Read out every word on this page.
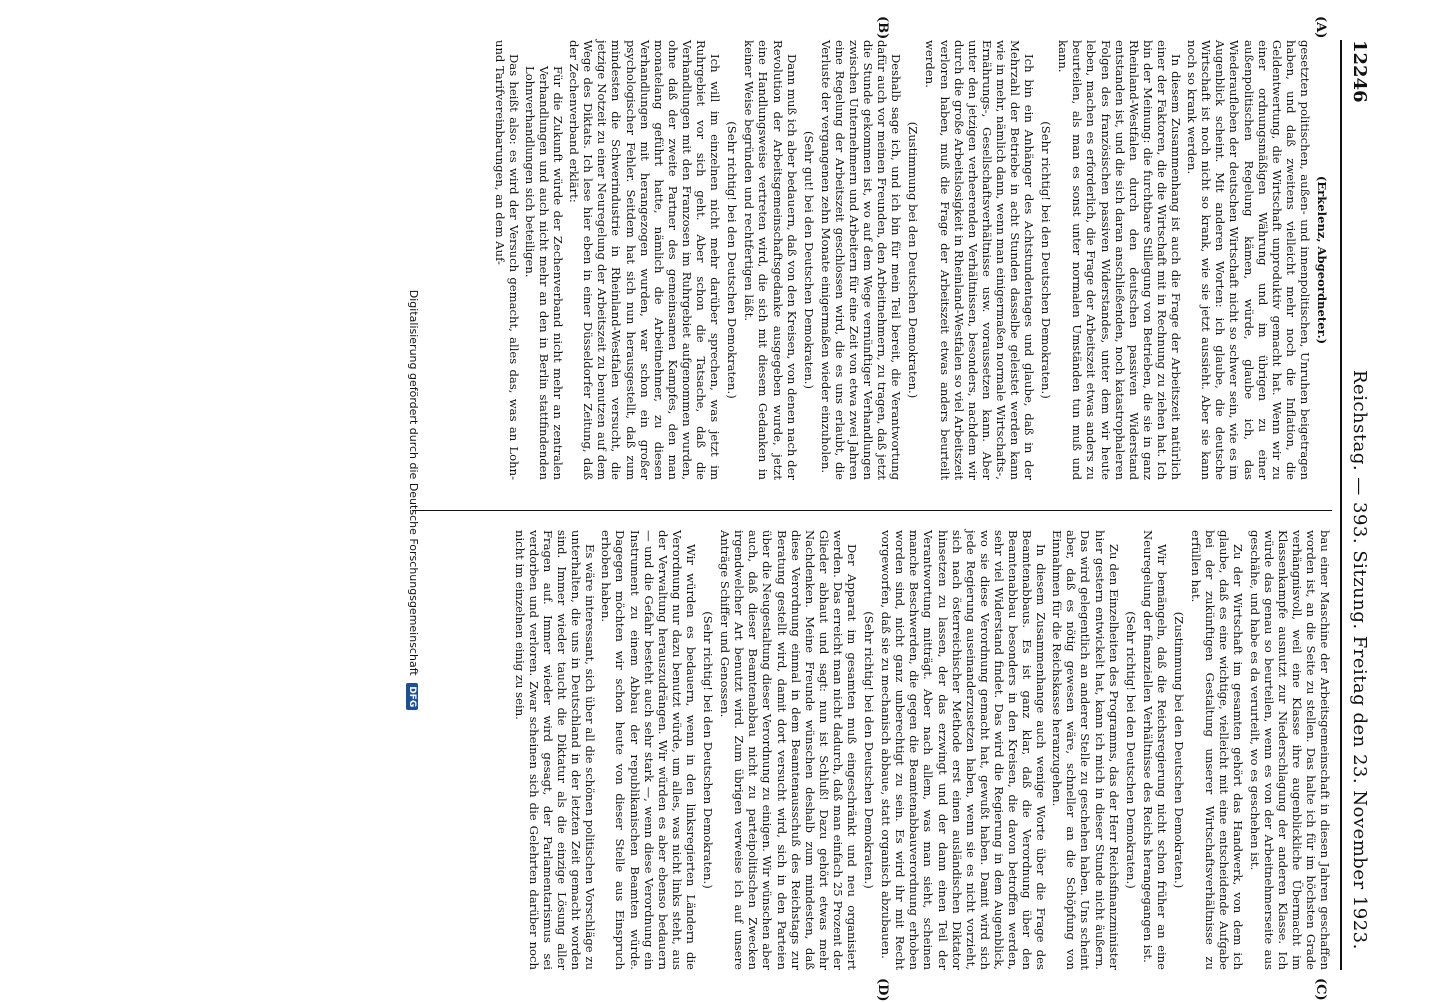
12246
Reichstag. — 393. Sitzung. Freitag den 23. November 1923.
(A)
(B)
(C)
(D)

(Erkelenz, Abgeordneter.)

gesetzten politischen, außen- und innenpolitischen, Unruhen beigetragen haben, und daß zweitens vielleicht mehr noch die Inflation, die Geldentwertung, die Wirtschaft unproduktiv gemacht hat. Wenn wir zu einer ordnungsmäßigen Währung und im übrigen zu einer außenpolitischen Regelung kämen, würde, glaube ich, das Wiederaufleben der deutschen Wirtschaft nicht so schwer sein, wie es im Augenblick scheint. Mit anderen Worten: ich glaube, die deutsche Wirtschaft ist noch nicht so krank, wie sie jetzt aussieht. Aber sie kann noch so krank werden.

In diesem Zusammenhang ist auch die Frage der Arbeitszeit natürlich einer der Faktoren, die die Wirtschaft mit in Rechnung zu ziehen hat. Ich bin der Meinung: die furchtbare Stillegung von Betrieben, die sie in ganz Rheinland-Westfalen durch den deutschen passiven Widerstand entstanden ist, und die sich daran anschließenden, noch katastrophaleren Folgen des französischen passiven Widerstandes, unter dem wir heute leben, machen es erforderlich, die Frage der Arbeitszeit etwas anders zu beurteilen, als man es sonst unter normalen Umständen tun muß und kann.

(Sehr richtig! bei den Deutschen Demokraten.)

Ich bin ein Anhänger des Achtstundentages und glaube, daß in der Mehrzahl der Betriebe in acht Stunden dasselbe geleistet werden kann wie in mehr, nämlich dann, wenn man einigermaßen normale Wirtschafts-, Ernährungs-, Gesellschaftsverhältnisse usw. voraussetzen kann. Aber unter den jetzigen verheerenden Verhältnissen, besonders, nachdem wir durch die große Arbeitslosigkeit in Rheinland-Westfalen so viel Arbeitszeit verloren haben, muß die Frage der Arbeitszeit etwas anders beurteilt werden.

(Zustimmung bei den Deutschen Demokraten.)

Deshalb sage ich, und ich bin für mein Teil bereit, die Verantwortung dafür auch vor meinen Freunden, den Arbeitnehmern, zu tragen, daß jetzt die Stunde gekommen ist, wo auf dem Wege vernünftiger Verhandlungen zwischen Unternehmern und Arbeitern für eine Zeit von etwa zwei Jahren eine Regelung der Arbeitszeit geschlossen wird, die es uns erlaubt, die Verluste der vergangenen zehn Monate einigermaßen wieder einzuholen.

(Sehr gut! bei den Deutschen Demokraten.)

Dann muß ich aber bedauern, daß von den Kreisen, von denen nach der Revolution der Arbeitsgemeinschaftsgedanke ausgegeben wurde, jetzt eine Handlungsweise vertreten wird, die sich mit diesem Gedanken in keiner Weise begründen und rechtfertigen läßt.

(Sehr richtig! bei den Deutschen Demokraten.)

Ich will im einzelnen nicht mehr darüber sprechen, was jetzt im Ruhrgebiet vor sich geht. Aber schon die Tatsache, daß die Verhandlungen mit den Franzosen im Ruhrgebiet aufgenommen wurden, ohne daß der zweite Partner des gemeinsamen Kampfes, den man monatelang geführt hatte, nämlich die Arbeitnehmer, zu diesen Verhandlungen mit herangezogen wurden, war schon ein großer psychologischer Fehler. Seitdem hat sich nun herausgestellt, daß zum mindesten die Schwerindustrie in Rheinland-Westfalen versucht, die jetzige Notzeit zu einer Neuregelung der Arbeitszeit zu benutzen auf dem Wege des Diktats. Ich lese hier eben in einer Düsseldorfer Zeitung, daß der Zechenverband erklärt:

Für die Zukunft würde der Zechenverband nicht mehr an zentralen Verhandlungen und auch nicht mehr an den in Berlin stattfindenden Lohnverhandlungen sich beteiligen.

Das heißt also: es wird der Versuch gemacht, alles das, was an Lohn- und Tarifvereinbarungen, an dem Auf-

bau einer Maschine der Arbeitsgemeinschaft in diesen Jahren geschaffen worden ist, an die Seite zu stellen. Das halte ich für im höchsten Grade verhängnisvoll, weil eine Klasse ihre augenblickliche Übermacht im Klassenkampfe ausnutzt zur Niederschlagung der anderen Klasse. Ich würde das genau so beurteilen, wenn es von der Arbeitnehmerseite aus geschähe, und habe es da verurteilt, wo es geschehen ist.

Zu der Wirtschaft im gesamten gehört das Handwerk, von dem ich glaube, daß es eine wichtige, vielleicht mit eine entscheidende Aufgabe bei der zukünftigen Gestaltung unserer Wirtschaftsverhältnisse zu erfüllen hat.

(Zustimmung bei den Deutschen Demokraten.)

Wir bemängeln, daß die Reichsregierung nicht schon früher an eine Neuregelung der finanziellen Verhältnisse des Reichs herangegangen ist.

(Sehr richtig! bei den Deutschen Demokraten.)

Zu den Einzelheiten des Programms, das der Herr Reichsfinanzminister hier gestern entwickelt hat, kann ich mich in dieser Stunde nicht äußern. Das wird gelegentlich an anderer Stelle zu geschehen haben. Uns scheint aber, daß es nötig gewesen wäre, schneller an die Schöpfung von Einnahmen für die Reichskasse heranzugehen.

In diesem Zusammenhange auch wenige Worte über die Frage des Beamtenabbaus. Es ist ganz klar, daß die Verordnung über den Beamtenabbau besonders in den Kreisen, die davon betroffen werden, sehr viel Widerstand findet. Das wird die Regierung in dem Augenblick, wo sie diese Verordnung gemacht hat, gewußt haben. Damit wird sich jede Regierung auseinanderzusetzen haben, wenn sie es nicht vorzieht, sich nach österreichischer Methode erst einen ausländischen Diktator hinsetzen zu lassen, der das erzwingt und der dann einen Teil der Verantwortung mitträgt. Aber nach allem, was man sieht, scheinen manche Beschwerden, die gegen die Beamtenabbauverordnung erhoben worden sind, nicht ganz unberechtigt zu sein. Es wird ihr mit Recht vorgeworfen, daß sie zu mechanisch abbaue, statt organisch abzubauen.

(Sehr richtig! bei den Deutschen Demokraten.)

Der Apparat im gesamten muß eingeschränkt und neu organisiert werden. Das erreicht man nicht dadurch, daß man einfach 25 Prozent der Glieder abhaut und sagt: nun ist Schluß! Dazu gehört etwas mehr Nachdenken. Meine Freunde wünschen deshalb zum mindesten, daß diese Verordnung einmal in dem Beamtenausschuß des Reichstags zur Beratung gestellt wird, damit dort versucht wird, sich in den Parteien über die Neugestaltung dieser Verordnung zu einigen. Wir wünschen aber auch, daß dieser Beamtenabbau nicht zu parteipolitischen Zwecken irgendwelcher Art benutzt wird. Zum übrigen verweise ich auf unsere Anträge Schiffer und Genossen.

(Sehr richtig! bei den Deutschen Demokraten.)

Wir würden es bedauern, wenn in den linksregierten Ländern die Verordnung nur dazu benutzt würde, um alles, was nicht links steht, aus der Verwaltung herauszudrängen. Wir würden es aber ebenso bedauern — und die Gefahr besteht auch sehr stark —, wenn diese Verordnung ein Instrument zu einem Abbau der republikanischen Beamten würde. Dagegen möchten wir schon heute von dieser Stelle aus Einspruch erhoben haben.

Es wäre interessant, sich über all die schönen politischen Vorschläge zu unterhalten, die uns in Deutschland in der letzten Zeit gemacht worden sind. Immer wieder taucht die Diktatur als die einzige Lösung aller Fragen auf. Immer wieder wird gesagt, der Parlamentarismus sei verdorben und verloren. Zwar scheinen sich die Gelehrten darüber noch nicht im einzelnen einig zu sein.

Digitalisierung gefördert durch die Deutsche Forschungsgemeinschaft DFG
